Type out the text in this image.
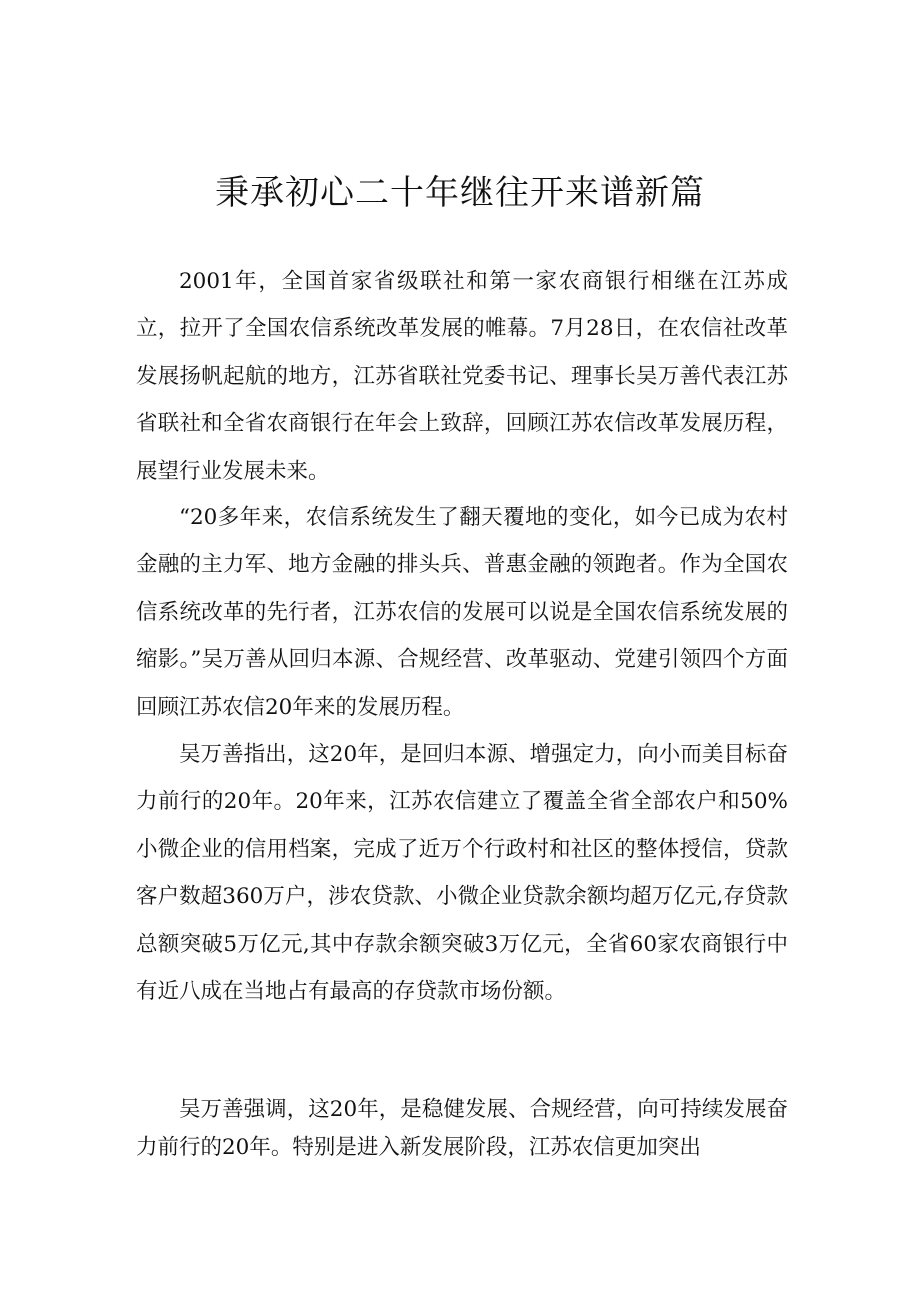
秉承初心二十年继往开来谱新篇

2001年，全国首家省级联社和第一家农商银行相继在江苏成立，拉开了全国农信系统改革发展的帷幕。7月28日，在农信社改革发展扬帆起航的地方，江苏省联社党委书记、理事长吴万善代表江苏省联社和全省农商银行在年会上致辞，回顾江苏农信改革发展历程，展望行业发展未来。

“20多年来，农信系统发生了翻天覆地的变化，如今已成为农村金融的主力军、地方金融的排头兵、普惠金融的领跑者。作为全国农信系统改革的先行者，江苏农信的发展可以说是全国农信系统发展的缩影。”吴万善从回归本源、合规经营、改革驱动、党建引领四个方面回顾江苏农信20年来的发展历程。

吴万善指出，这20年，是回归本源、增强定力，向小而美目标奋力前行的20年。20年来，江苏农信建立了覆盖全省全部农户和50%小微企业的信用档案，完成了近万个行政村和社区的整体授信，贷款客户数超360万户，涉农贷款、小微企业贷款余额均超万亿元,存贷款总额突破5万亿元,其中存款余额突破3万亿元，全省60家农商银行中有近八成在当地占有最高的存贷款市场份额。

吴万善强调，这20年，是稳健发展、合规经营，向可持续发展奋力前行的20年。特别是进入新发展阶段，江苏农信更加突出
